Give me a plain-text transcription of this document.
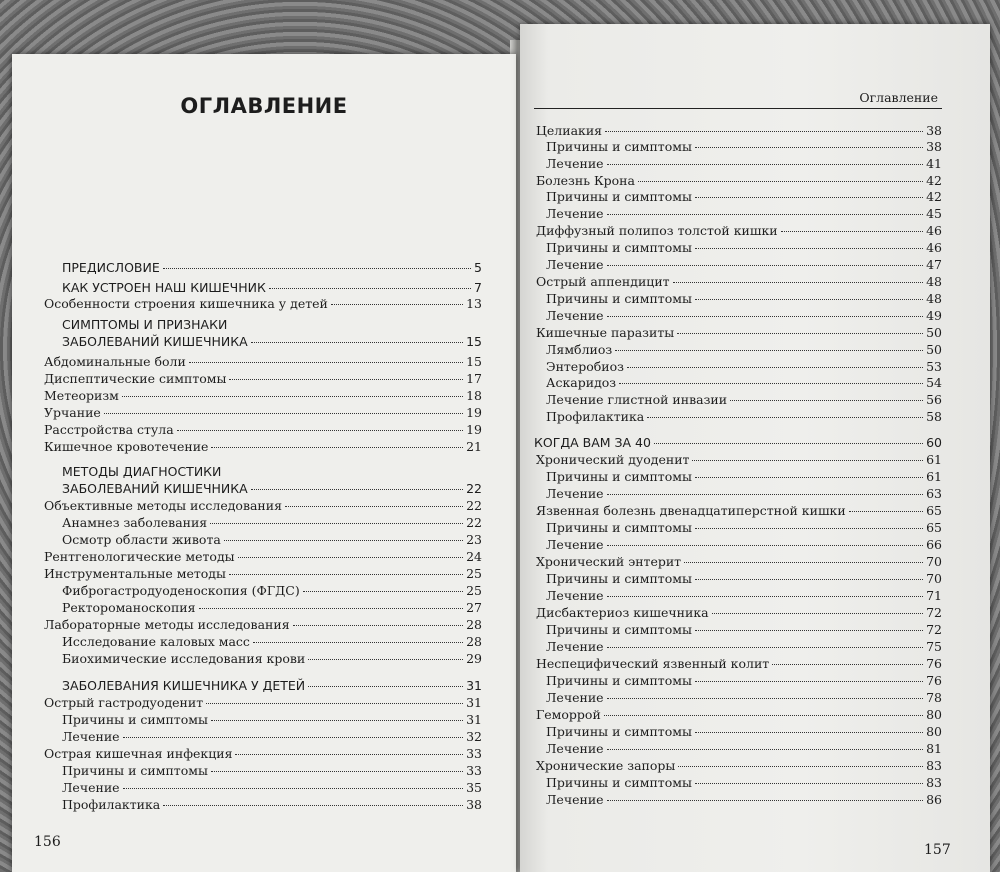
ОГЛАВЛЕНИЕ
ПРЕДИСЛОВИЕ	5
КАК УСТРОЕН НАШ КИШЕЧНИК	7
Особенности строения кишечника у детей	13
СИМПТОМЫ И ПРИЗНАКИ
ЗАБОЛЕВАНИЙ КИШЕЧНИКА	15
Абдоминальные боли	15
Диспептические симптомы	17
Метеоризм	18
Урчание	19
Расстройства стула	19
Кишечное кровотечение	21
МЕТОДЫ ДИАГНОСТИКИ
ЗАБОЛЕВАНИЙ КИШЕЧНИКА	22
Объективные методы исследования	22
Анамнез заболевания	22
Осмотр области живота	23
Рентгенологические методы	24
Инструментальные методы	25
Фиброгастродуоденоскопия (ФГДС)	25
Ректороманоскопия	27
Лабораторные методы исследования	28
Исследование каловых масс	28
Биохимические исследования крови	29
ЗАБОЛЕВАНИЯ КИШЕЧНИКА У ДЕТЕЙ	31
Острый гастродуоденит	31
Причины и симптомы	31
Лечение	32
Острая кишечная инфекция	33
Причины и симптомы	33
Лечение	35
Профилактика	38
156
Оглавление
Целиакия	38
Причины и симптомы	38
Лечение	41
Болезнь Крона	42
Причины и симптомы	42
Лечение	45
Диффузный полипоз толстой кишки	46
Причины и симптомы	46
Лечение	47
Острый аппендицит	48
Причины и симптомы	48
Лечение	49
Кишечные паразиты	50
Лямблиоз	50
Энтеробиоз	53
Аскаридоз	54
Лечение глистной инвазии	56
Профилактика	58
КОГДА ВАМ ЗА 40	60
Хронический дуоденит	61
Причины и симптомы	61
Лечение	63
Язвенная болезнь двенадцатиперстной кишки	65
Причины и симптомы	65
Лечение	66
Хронический энтерит	70
Причины и симптомы	70
Лечение	71
Дисбактериоз кишечника	72
Причины и симптомы	72
Лечение	75
Неспецифический язвенный колит	76
Причины и симптомы	76
Лечение	78
Геморрой	80
Причины и симптомы	80
Лечение	81
Хронические запоры	83
Причины и симптомы	83
Лечение	86
157
